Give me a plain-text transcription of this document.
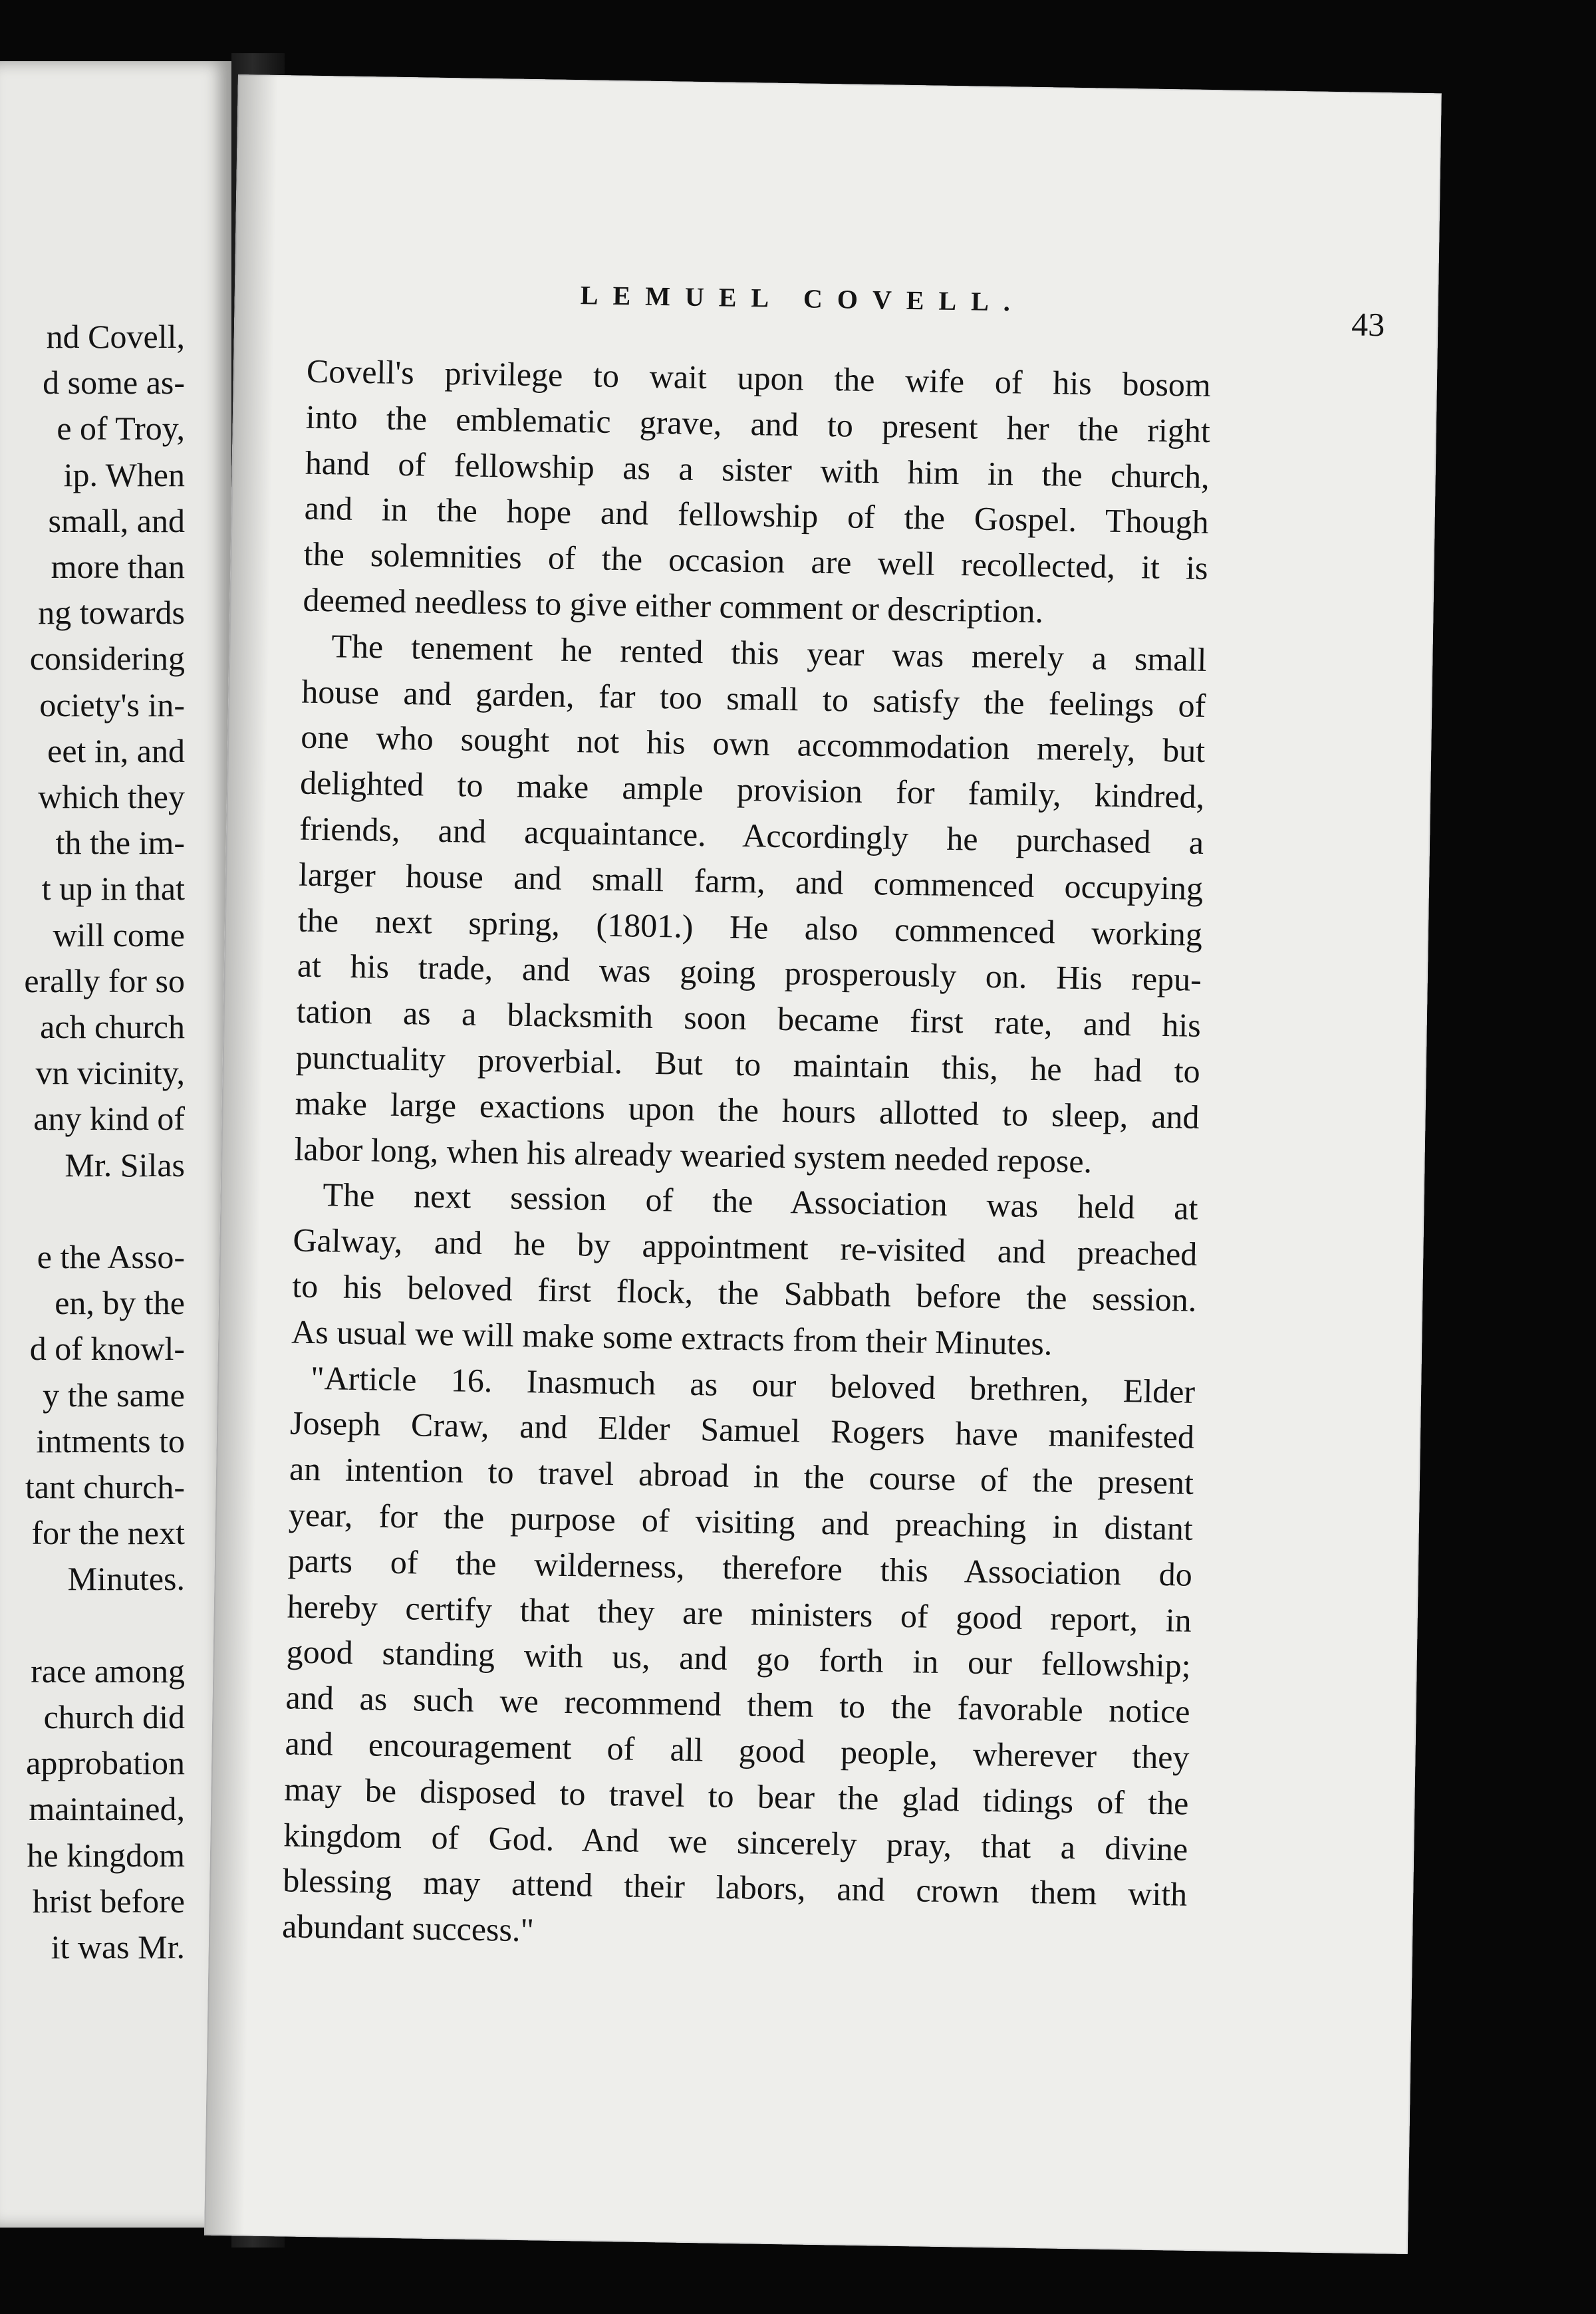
nd Covell,
d some as-
e of Troy,
ip. When
small, and
more than
ng towards
considering
ociety's in-
eet in, and
which they
th the im-
t up in that
will come
erally for so
ach church
vn vicinity,
any kind of
Mr. Silas
e the Asso-
en, by the
d of knowl-
y the same
intments to
tant church-
for the next
Minutes.
race among
church did
approbation
maintained,
he kingdom
hrist before
it was Mr.
LEMUEL COVELL.
43
Covell's privilege to wait upon the wife of his bosom
into the emblematic grave, and to present her the right
hand of fellowship as a sister with him in the church,
and in the hope and fellowship of the Gospel. Though
the solemnities of the occasion are well recollected, it is
deemed needless to give either comment or description.
The tenement he rented this year was merely a small
house and garden, far too small to satisfy the feelings of
one who sought not his own accommodation merely, but
delighted to make ample provision for family, kindred,
friends, and acquaintance. Accordingly he purchased a
larger house and small farm, and commenced occupying
the next spring, (1801.) He also commenced working
at his trade, and was going prosperously on. His repu-
tation as a blacksmith soon became first rate, and his
punctuality proverbial. But to maintain this, he had to
make large exactions upon the hours allotted to sleep, and
labor long, when his already wearied system needed repose.
The next session of the Association was held at
Galway, and he by appointment re-visited and preached
to his beloved first flock, the Sabbath before the session.
As usual we will make some extracts from their Minutes.
"Article 16. Inasmuch as our beloved brethren, Elder
Joseph Craw, and Elder Samuel Rogers have manifested
an intention to travel abroad in the course of the present
year, for the purpose of visiting and preaching in distant
parts of the wilderness, therefore this Association do
hereby certify that they are ministers of good report, in
good standing with us, and go forth in our fellowship;
and as such we recommend them to the favorable notice
and encouragement of all good people, wherever they
may be disposed to travel to bear the glad tidings of the
kingdom of God. And we sincerely pray, that a divine
blessing may attend their labors, and crown them with
abundant success."
